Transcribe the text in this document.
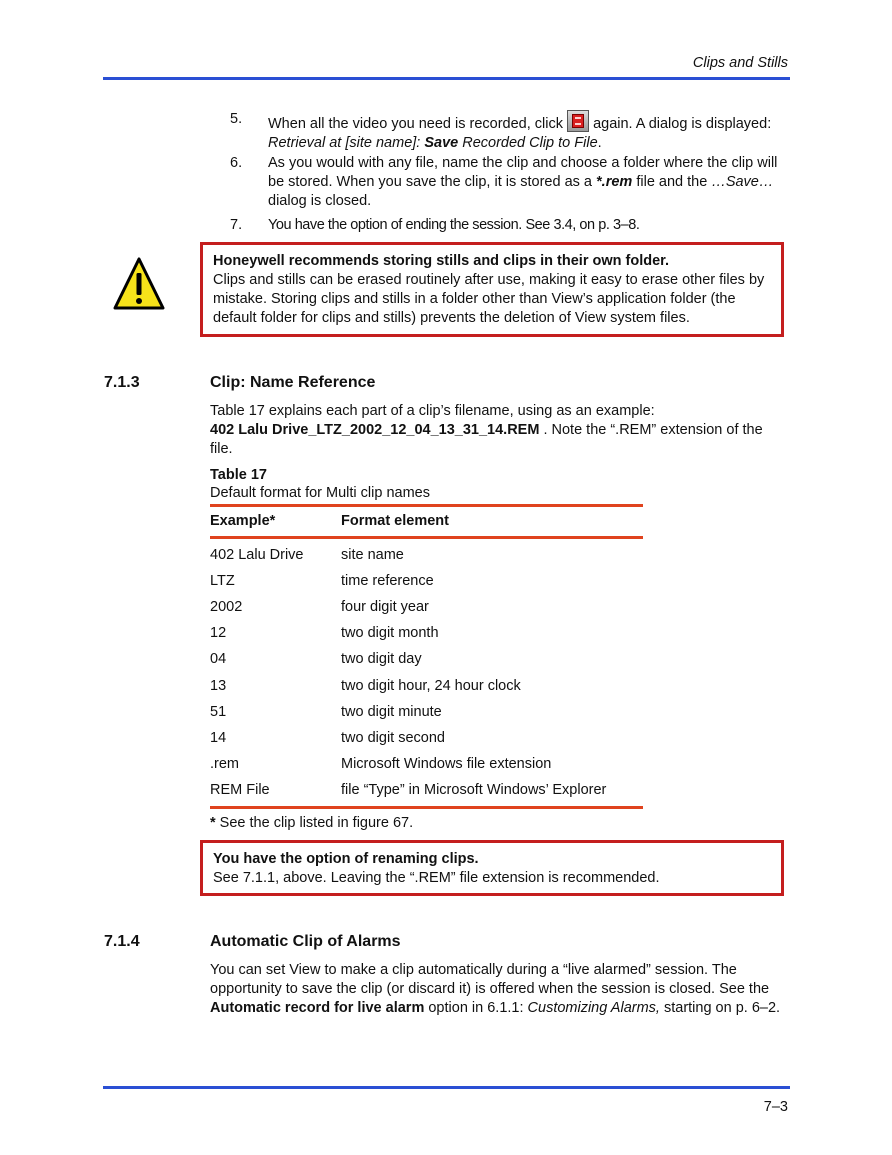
Clips and Stills
5.	When all the video you need is recorded, click again. A dialog is displayed:
Retrieval at [site name]: Save Recorded Clip to File.
6.	As you would with any file, name the clip and choose a folder where the clip will be stored. When you save the clip, it is stored as a *.rem file and the …Save… dialog is closed.
7.	You have the option of ending the session. See 3.4, on p. 3–8.
Honeywell recommends storing stills and clips in their own folder.
Clips and stills can be erased routinely after use, making it easy to erase other files by mistake. Storing clips and stills in a folder other than View’s application folder (the default folder for clips and stills) prevents the deletion of View system files.
7.1.3	Clip: Name Reference
Table 17 explains each part of a clip’s filename, using as an example:
402 Lalu Drive_LTZ_2002_12_04_13_31_14.REM . Note the “.REM” extension of the file.
Table 17
Default format for Multi clip names
Example*	Format element
402 Lalu Drive	site name
LTZ	time reference
2002	four digit year
12	two digit month
04	two digit day
13	two digit hour, 24 hour clock
51	two digit minute
14	two digit second
.rem	Microsoft Windows file extension
REM File	file “Type” in Microsoft Windows’ Explorer
* See the clip listed in figure 67.
You have the option of renaming clips.
See 7.1.1, above. Leaving the “.REM” file extension is recommended.
7.1.4	Automatic Clip of Alarms
You can set View to make a clip automatically during a “live alarmed” session. The opportunity to save the clip (or discard it) is offered when the session is closed. See the Automatic record for live alarm option in 6.1.1: Customizing Alarms, starting on p. 6–2.
7–3
